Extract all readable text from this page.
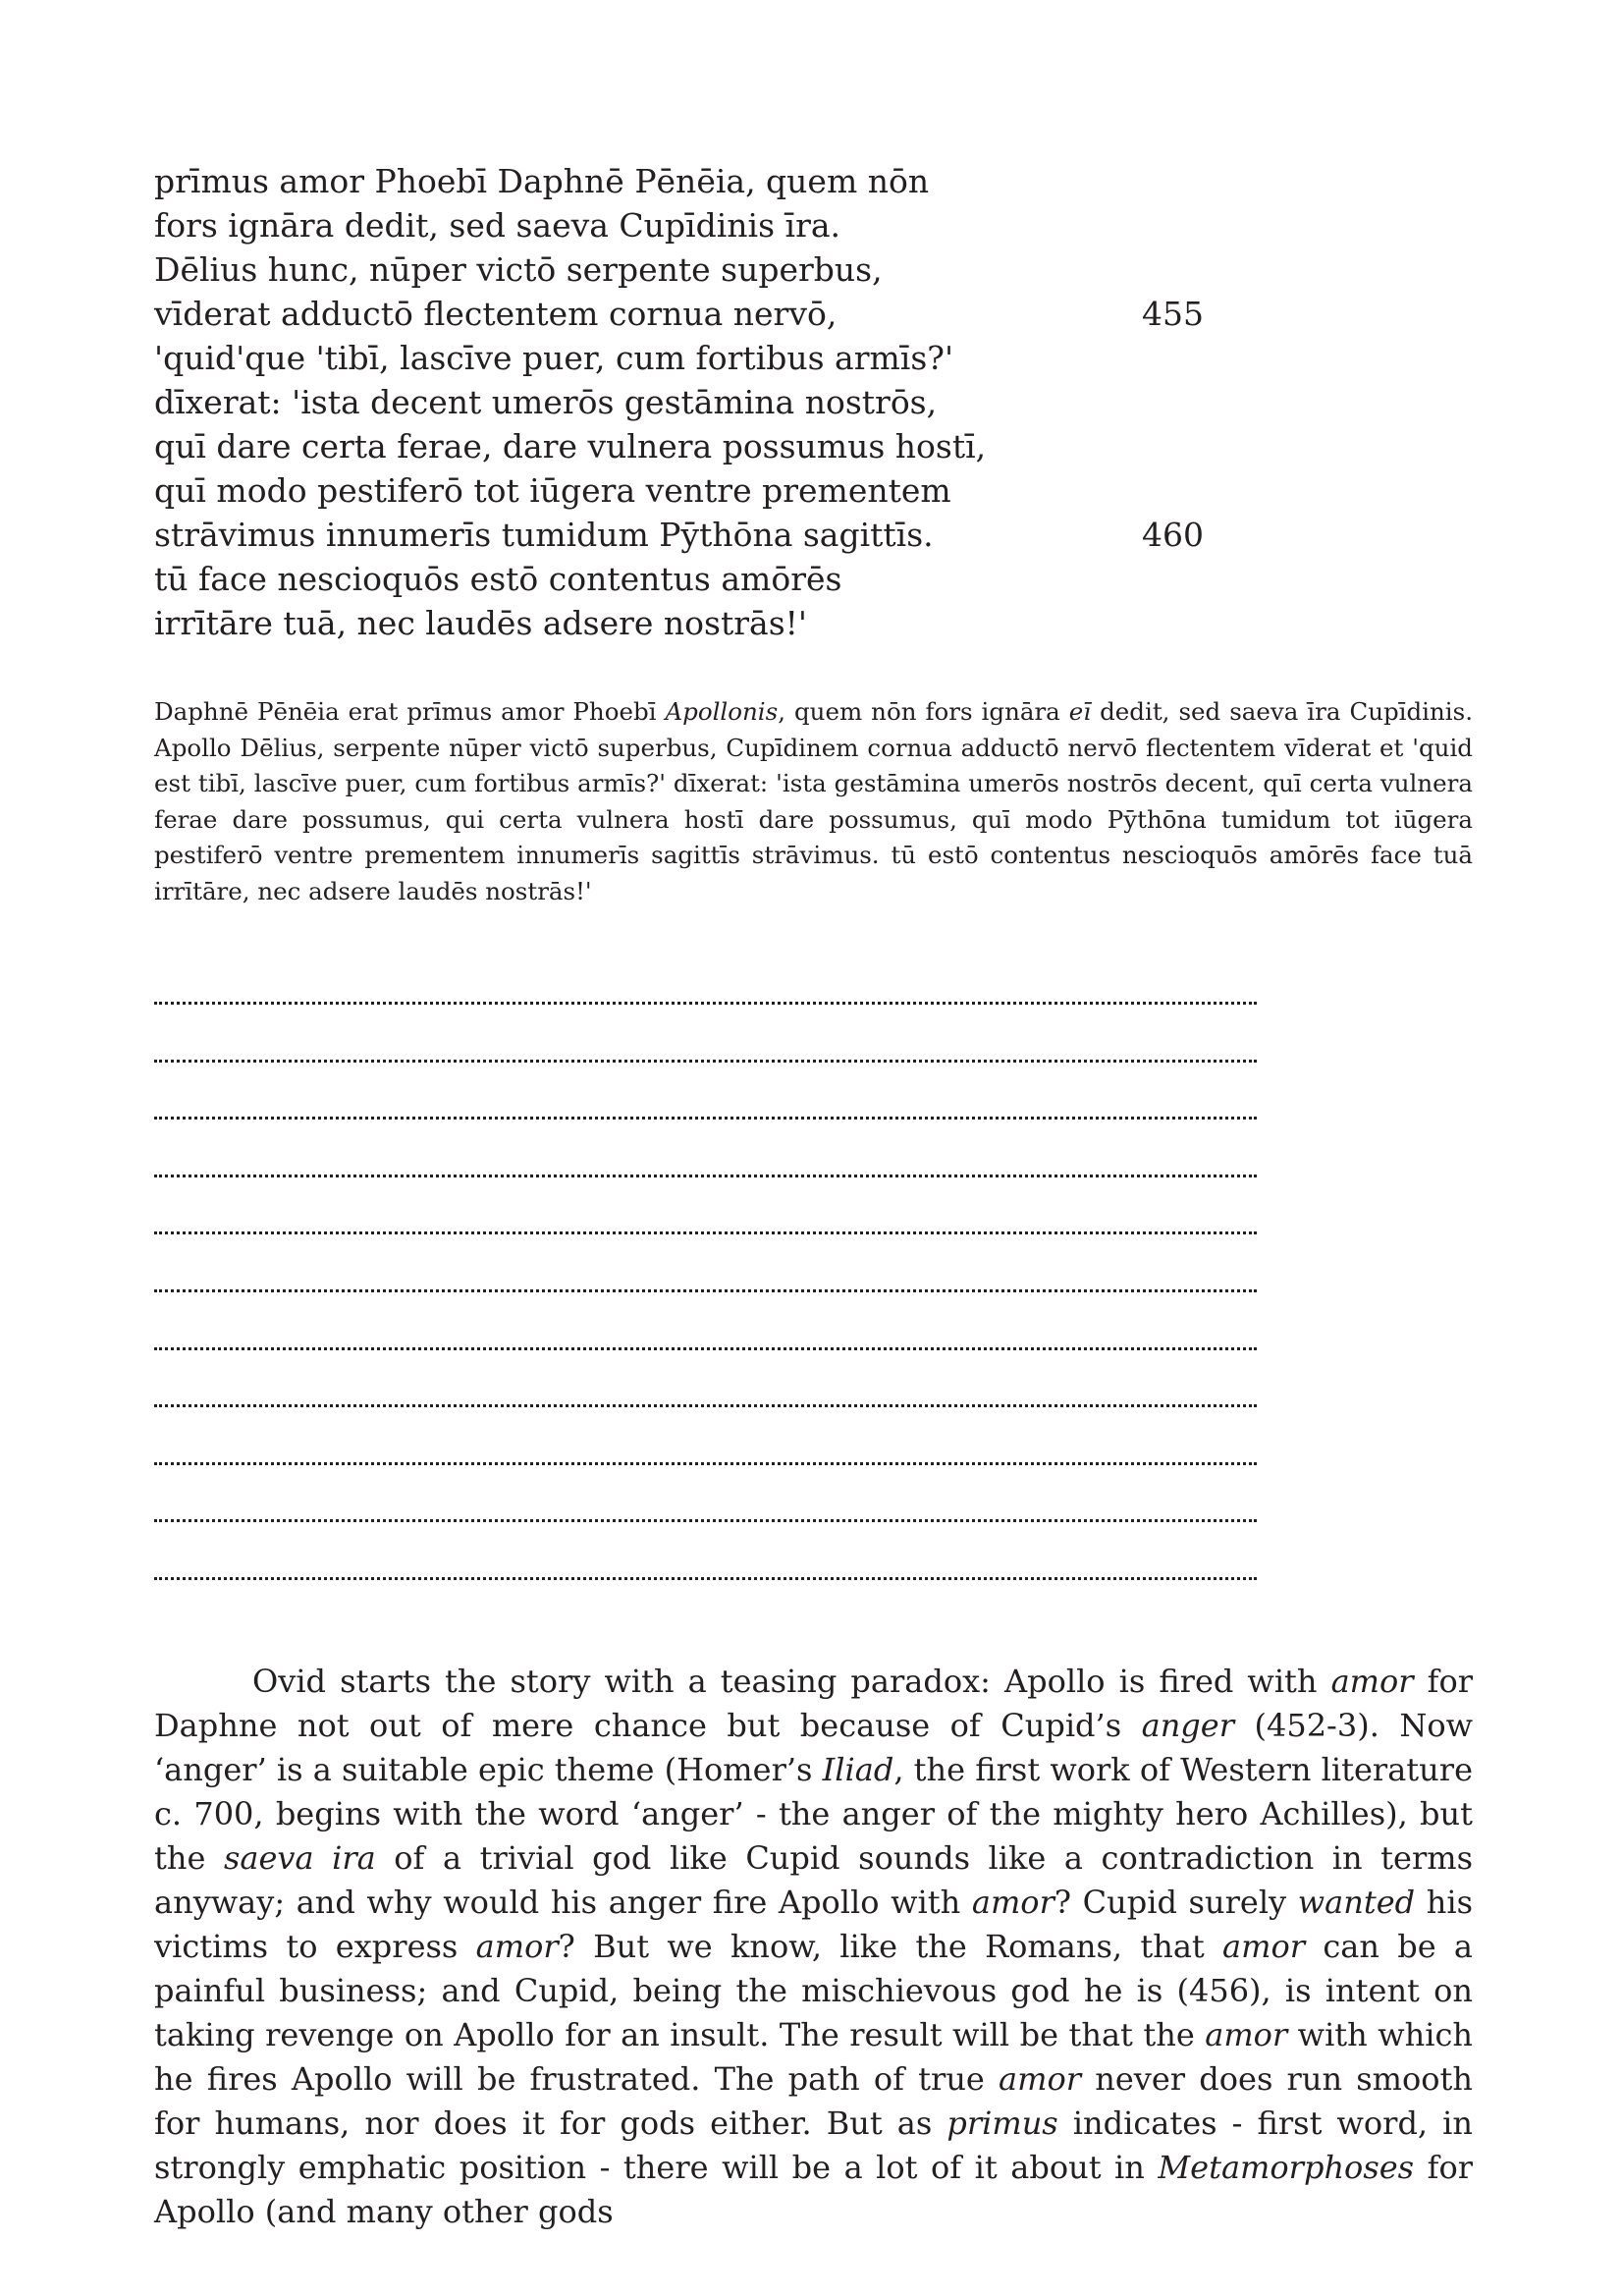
prīmus amor Phoebī Daphnē Pēnēia, quem nōn
fors ignāra dedit, sed saeva Cupīdinis īra.
Dēlius hunc, nūper victō serpente superbus,
vīderat adductō flectentem cornua nervō,	455
'quid'que 'tibī, lascīve puer, cum fortibus armīs?'
dīxerat: 'ista decent umerōs gestāmina nostrōs,
quī dare certa ferae, dare vulnera possumus hostī,
quī modo pestiferō tot iūgera ventre prementem
strāvimus innumerīs tumidum Pȳthōna sagittīs.	460
tū face nescioquōs estō contentus amōrēs
irrītāre tuā, nec laudēs adsere nostrās!'

Daphnē Pēnēia erat prīmus amor Phoebī Apollonis, quem nōn fors ignāra eī dedit, sed saeva īra Cupīdinis. Apollo Dēlius, serpente nūper victō superbus, Cupīdinem cornua adductō nervō flectentem vīderat et 'quid est tibī, lascīve puer, cum fortibus armīs?' dīxerat: 'ista gestāmina umerōs nostrōs decent, quī certa vulnera ferae dare possumus, qui certa vulnera hostī dare possumus, quī modo Pȳthōna tumidum tot iūgera pestiferō ventre prementem innumerīs sagittīs strāvimus. tū estō contentus nescioquōs amōrēs face tuā irrītāre, nec adsere laudēs nostrās!'

Ovid starts the story with a teasing paradox: Apollo is fired with amor for Daphne not out of mere chance but because of Cupid’s anger (452-3). Now ‘anger’ is a suitable epic theme (Homer’s Iliad, the first work of Western literature c. 700, begins with the word ‘anger’ - the anger of the mighty hero Achilles), but the saeva ira of a trivial god like Cupid sounds like a contradiction in terms anyway; and why would his anger fire Apollo with amor? Cupid surely wanted his victims to express amor? But we know, like the Romans, that amor can be a painful business; and Cupid, being the mischievous god he is (456), is intent on taking revenge on Apollo for an insult. The result will be that the amor with which he fires Apollo will be frustrated. The path of true amor never does run smooth for humans, nor does it for gods either. But as primus indicates - first word, in strongly emphatic position - there will be a lot of it about in Metamorphoses for Apollo (and many other gods
